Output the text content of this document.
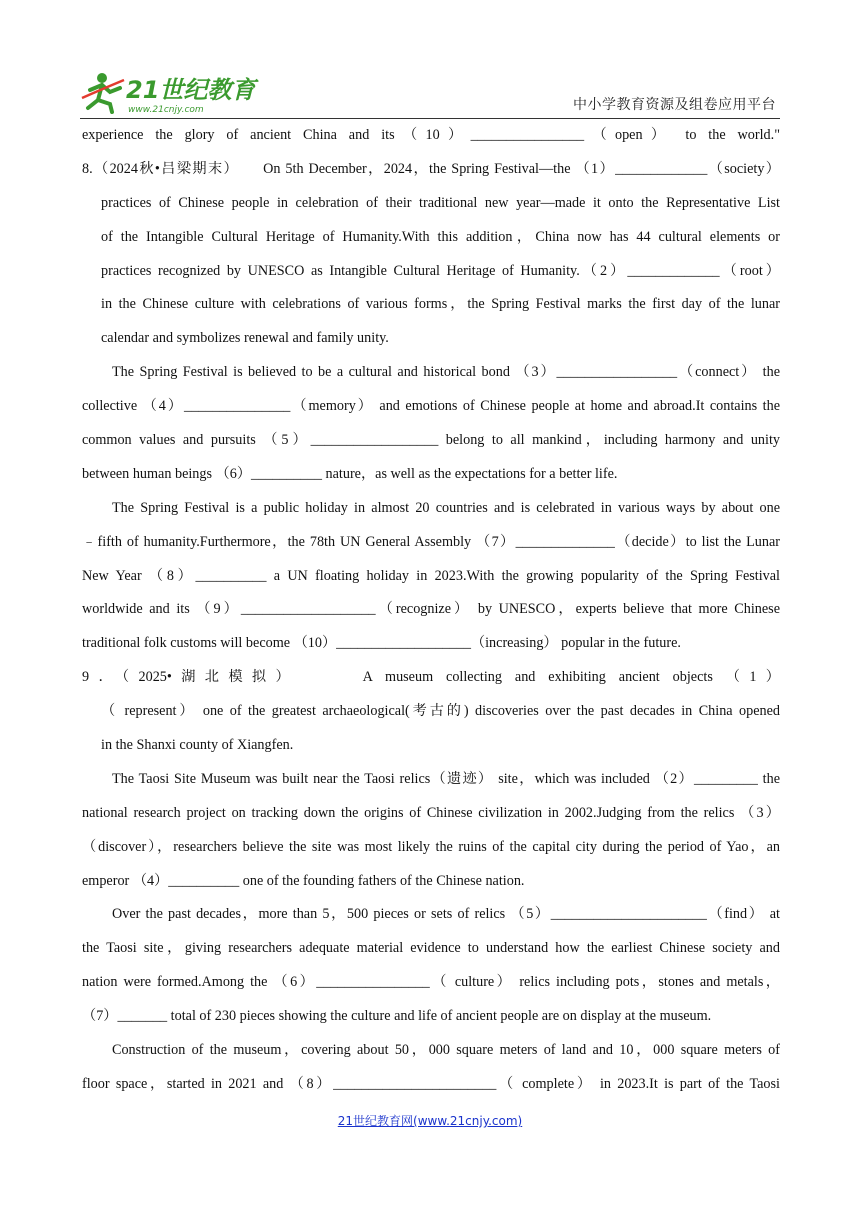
21世纪教育
www.21cnjy.com	中小学教育资源及组卷应用平台
experience the glory of ancient China and its（10）________________（open） to the world."
8.（2024秋•吕梁期末）　　On 5th December，2024，the Spring Festival—the （1）_____________（society）
practices of Chinese people in celebration of their traditional new year—made it onto the Representative List
of the Intangible Cultural Heritage of Humanity.With this addition，China now has 44 cultural elements or
practices recognized by UNESCO as Intangible Cultural Heritage of Humanity.（2）_____________（root）
in the Chinese culture with celebrations of various forms，the Spring Festival marks the first day of the lunar
calendar and symbolizes renewal and family unity.
The Spring Festival is believed to be a cultural and historical bond （3）_________________（connect） the
collective （4）_______________（memory） and emotions of Chinese people at home and abroad.It contains the
common values and pursuits （5）__________________ belong to all mankind，including harmony and unity
between human beings （6）__________ nature，as well as the expectations for a better life.
The Spring Festival is a public holiday in almost 20 countries and is celebrated in various ways by about one
﹣fifth of humanity.Furthermore，the 78th UN General Assembly （7）______________（decide）to list the Lunar
New Year （8）__________ a UN floating holiday in 2023.With the growing popularity of the Spring Festival
worldwide and its （9）___________________（recognize） by UNESCO，experts believe that more Chinese
traditional folk customs will become （10）___________________（increasing） popular in the future.
9．（2025•湖北模拟）　　　A museum collecting and exhibiting ancient objects （1）
（ represent） one of the greatest archaeological(考古的) discoveries over the past decades in China opened
in the Shanxi county of Xiangfen.
The Taosi Site Museum was built near the Taosi relics（遗迹） site，which was included （2）_________ the
national research project on tracking down the origins of Chinese civilization in 2002.Judging from the relics （3）
（discover），researchers believe the site was most likely the ruins of the capital city during the period of Yao，an
emperor （4）__________ one of the founding fathers of the Chinese nation.
Over the past decades，more than 5，500 pieces or sets of relics （5）______________________（find） at
the Taosi site，giving researchers adequate material evidence to understand how the earliest Chinese society and
nation were formed.Among the （6）________________（ culture） relics including pots，stones and metals，
（7）_______ total of 230 pieces showing the culture and life of ancient people are on display at the museum.
Construction of the museum，covering about 50，000 square meters of land and 10，000 square meters of
floor space，started in 2021 and （8）_______________________（ complete） in 2023.It is part of the Taosi
21世纪教育网(www.21cnjy.com)
